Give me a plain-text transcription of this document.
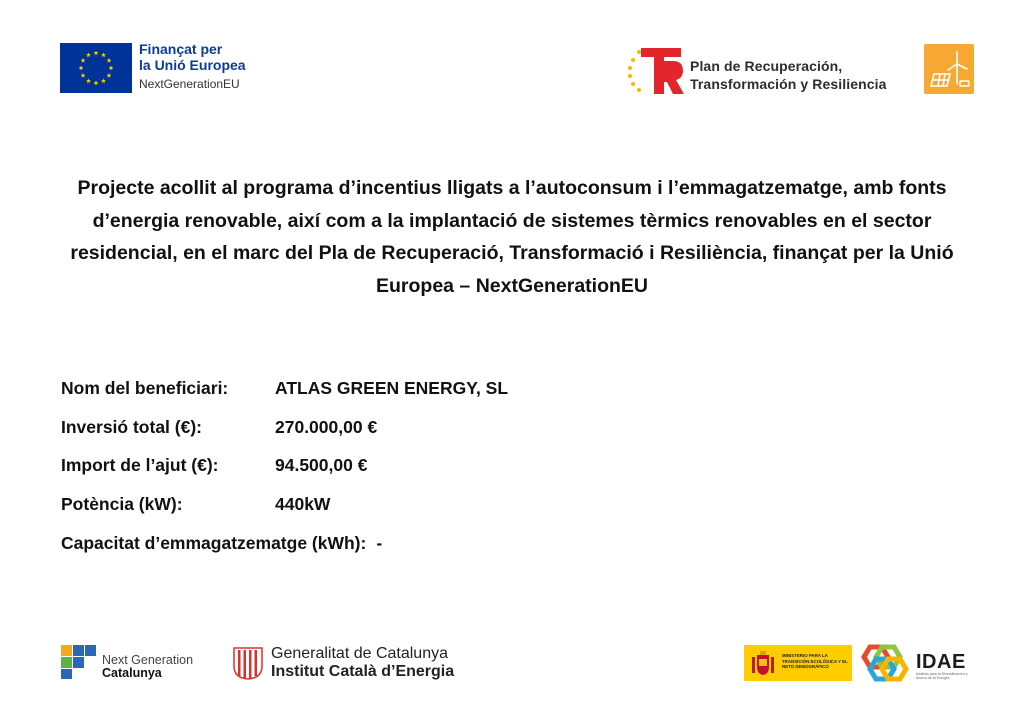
Finançat per
la Unió Europea
NextGenerationEU
Plan de Recuperación,
Transformación y Resiliencia
Projecte acollit al programa d’incentius lligats a l’autoconsum i l’emmagatzematge, amb fonts d’energia renovable, així com a la implantació de sistemes tèrmics renovables en el sector residencial, en el marc del Pla de Recuperació, Transformació i Resiliència, finançat per la Unió Europea – NextGenerationEU
Nom del beneficiari:	ATLAS GREEN ENERGY, SL
Inversió total (€):	270.000,00 €
Import de l’ajut (€):	94.500,00 €
Potència (kW):	440kW
Capacitat d’emmagatzematge (kWh): -
Next Generation
Catalunya
Generalitat de Catalunya
Institut Català d’Energia
MINISTERIO PARA LA TRANSICIÓN ECOLÓGICA Y EL RETO DEMOGRÁFICO	IDAE
Instituto para la Diversificación y Ahorro de la Energía
